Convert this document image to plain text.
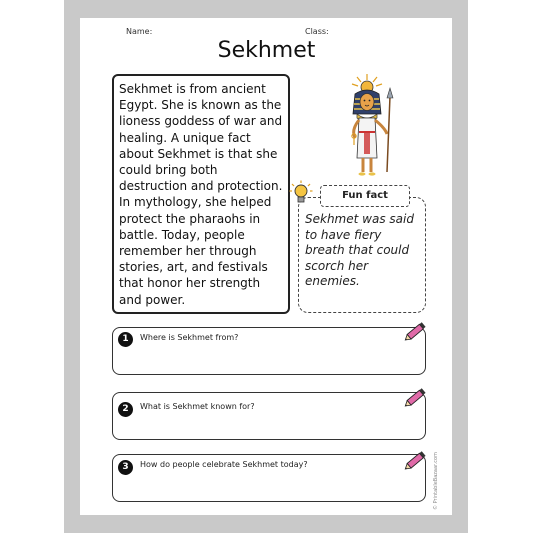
Name:	Class:
Sekhmet
Sekhmet is from ancient Egypt. She is known as the lioness goddess of war and healing. A unique fact about Sekhmet is that she could bring both destruction and protection. In mythology, she helped protect the pharaohs in battle. Today, people remember her through stories, art, and festivals that honor her strength and power.
Fun fact
Sekhmet was said to have fiery breath that could scorch her enemies.
1	Where is Sekhmet from?
2	What is Sekhmet known for?
3	How do people celebrate Sekhmet today?	© PrintableBazaar.com
